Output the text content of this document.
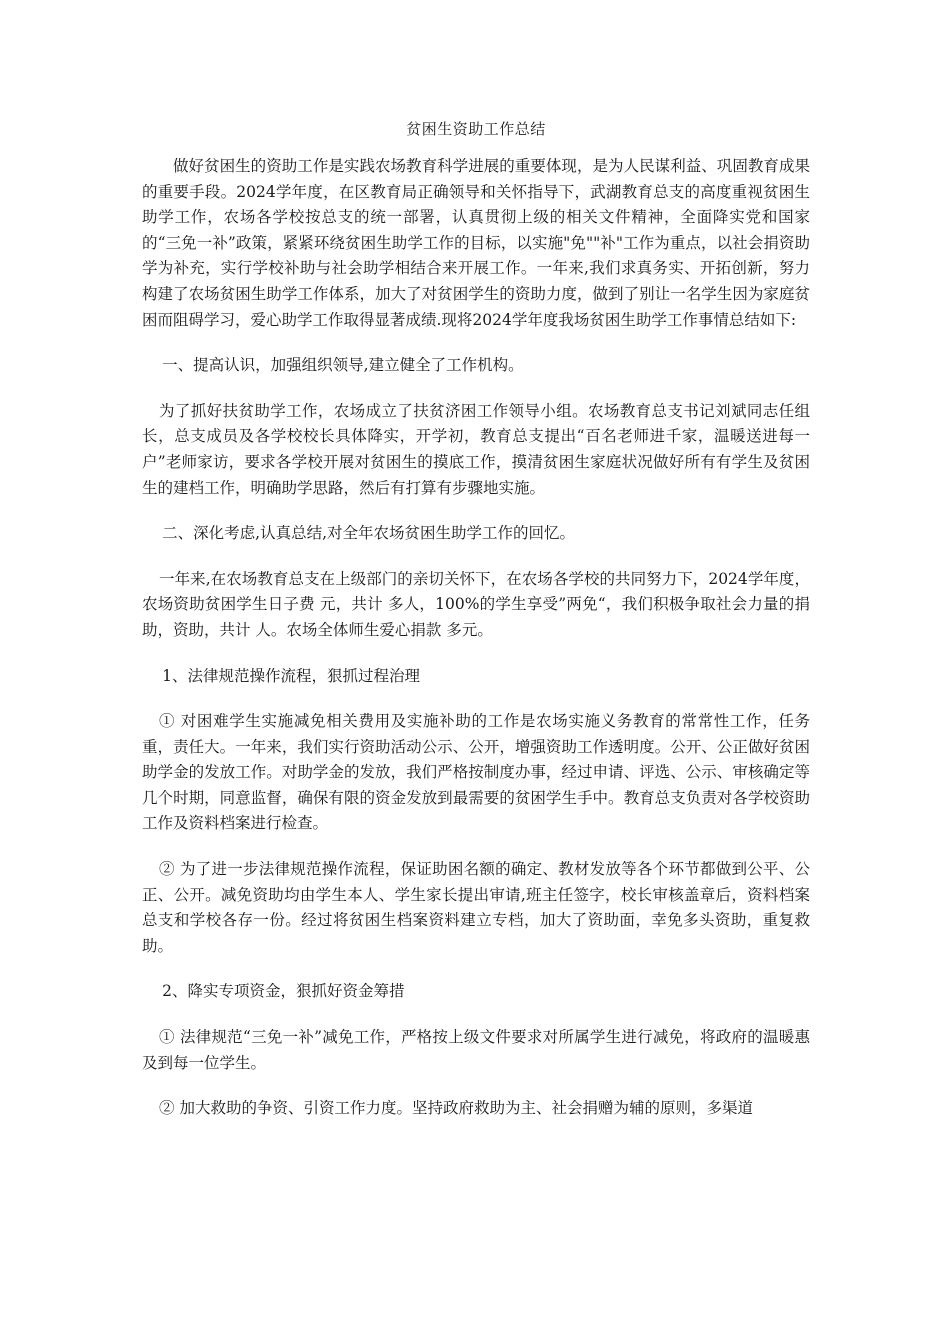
贫困生资助工作总结

做好贫困生的资助工作是实践农场教育科学进展的重要体现，是为人民谋利益、巩固教育成果的重要手段。2024学年度，在区教育局正确领导和关怀指导下，武湖教育总支的高度重视贫困生助学工作，农场各学校按总支的统一部署，认真贯彻上级的相关文件精神，全面降实党和国家的“三免一补”政策，紧紧环绕贫困生助学工作的目标，以实施"免""补"工作为重点，以社会捐资助学为补充，实行学校补助与社会助学相结合来开展工作。一年来,我们求真务实、开拓创新，努力构建了农场贫困生助学工作体系，加大了对贫困学生的资助力度，做到了别让一名学生因为家庭贫困而阻碍学习，爱心助学工作取得显著成绩.现将2024学年度我场贫困生助学工作事情总结如下:

一、提高认识，加强组织领导,建立健全了工作机构。

为了抓好扶贫助学工作，农场成立了扶贫济困工作领导小组。农场教育总支书记刘斌同志任组长，总支成员及各学校校长具体降实，开学初，教育总支提出“百名老师进千家，温暖送进每一户”老师家访，要求各学校开展对贫困生的摸底工作，摸清贫困生家庭状况做好所有有学生及贫困生的建档工作，明确助学思路，然后有打算有步骤地实施。

二、深化考虑,认真总结,对全年农场贫困生助学工作的回忆。

一年来,在农场教育总支在上级部门的亲切关怀下，在农场各学校的共同努力下，2024学年度，农场资助贫困学生日子费 元，共计 多人，100%的学生享受”两免“，我们积极争取社会力量的捐助，资助，共计 人。农场全体师生爱心捐款 多元。

1、法律规范操作流程，狠抓过程治理

① 对困难学生实施减免相关费用及实施补助的工作是农场实施义务教育的常常性工作，任务重，责任大。一年来，我们实行资助活动公示、公开，增强资助工作透明度。公开、公正做好贫困助学金的发放工作。对助学金的发放，我们严格按制度办事，经过申请、评选、公示、审核确定等几个时期，同意监督，确保有限的资金发放到最需要的贫困学生手中。教育总支负责对各学校资助工作及资料档案进行检查。

② 为了进一步法律规范操作流程，保证助困名额的确定、教材发放等各个环节都做到公平、公正、公开。减免资助均由学生本人、学生家长提出审请,班主任签字，校长审核盖章后，资料档案总支和学校各存一份。经过将贫困生档案资料建立专档，加大了资助面，幸免多头资助，重复救助。

2、降实专项资金，狠抓好资金筹措

① 法律规范“三免一补”减免工作，严格按上级文件要求对所属学生进行减免，将政府的温暖惠及到每一位学生。

② 加大救助的争资、引资工作力度。坚持政府救助为主、社会捐赠为辅的原则，多渠道
